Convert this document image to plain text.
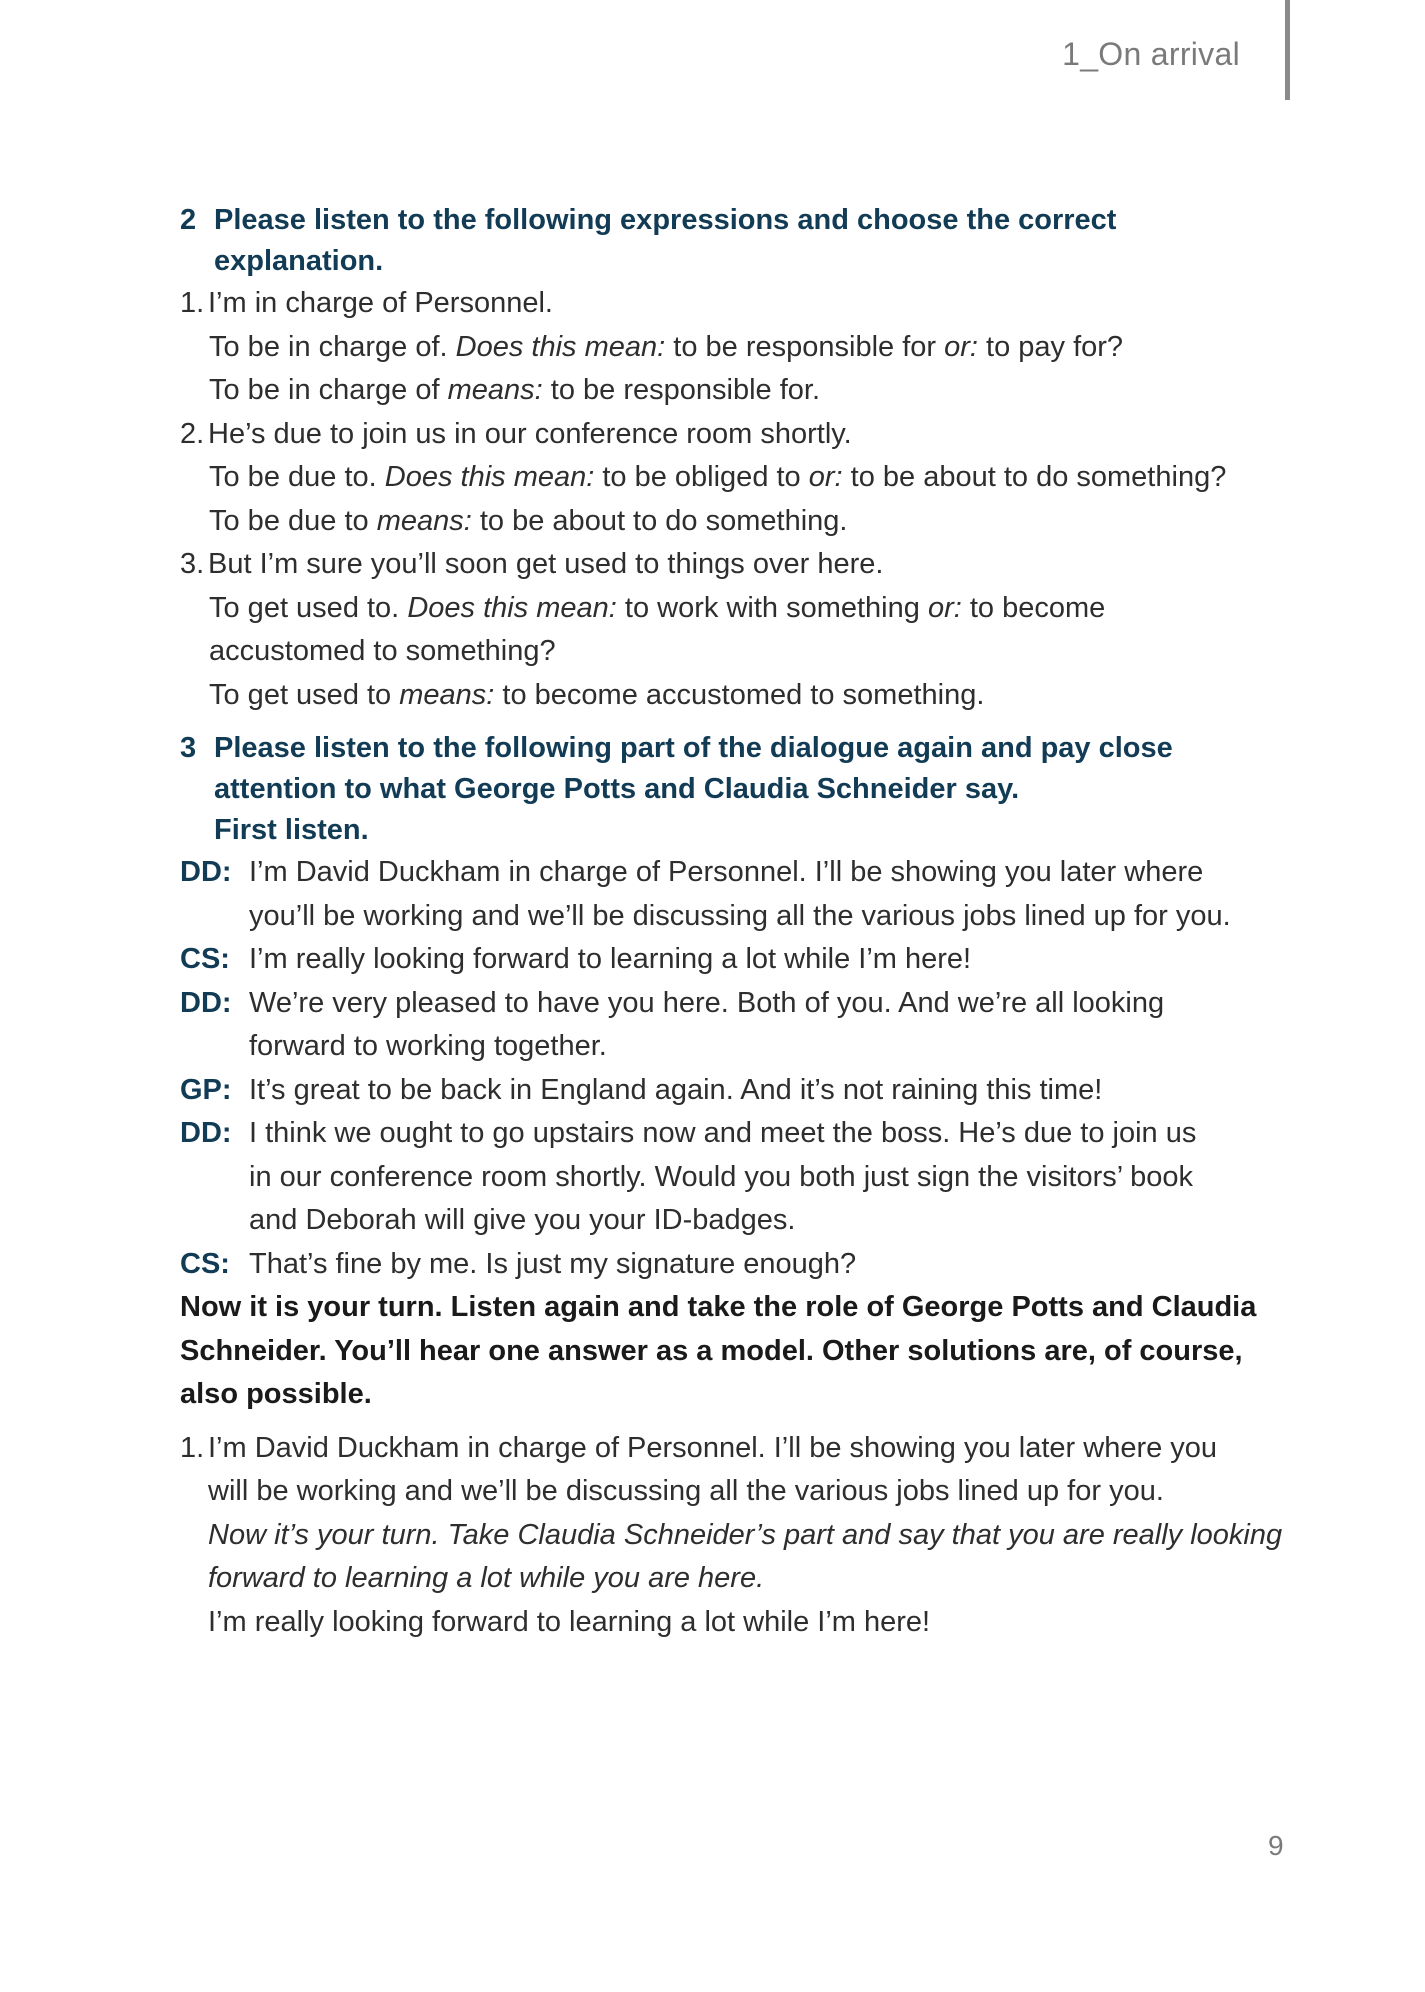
1_On arrival
2 Please listen to the following expressions and choose the correct
explanation.
1. I’m in charge of Personnel.

To be in charge of. Does this mean: to be responsible for or: to pay for?

To be in charge of means: to be responsible for.

2. He’s due to join us in our conference room shortly.

To be due to. Does this mean: to be obliged to or: to be about to do something?

To be due to means: to be about to do something.

3. But I’m sure you’ll soon get used to things over here.

To get used to. Does this mean: to work with something or: to become
accustomed to something?

To get used to means: to become accustomed to something.

3 Please listen to the following part of the dialogue again and pay close
attention to what George Potts and Claudia Schneider say.
First listen.
DD: I’m David Duckham in charge of Personnel. I’ll be showing you later where
you’ll be working and we’ll be discussing all the various jobs lined up for you.
CS: I’m really looking forward to learning a lot while I’m here!
DD: We’re very pleased to have you here. Both of you. And we’re all looking
forward to working together.
GP: It’s great to be back in England again. And it’s not raining this time!
DD: I think we ought to go upstairs now and meet the boss. He’s due to join us
in our conference room shortly. Would you both just sign the visitors’ book
and Deborah will give you your ID-badges.
CS: That’s fine by me. Is just my signature enough?

Now it is your turn. Listen again and take the role of George Potts and Claudia
Schneider. You’ll hear one answer as a model. Other solutions are, of course,
also possible.

1. I’m David Duckham in charge of Personnel. I’ll be showing you later where you
will be working and we’ll be discussing all the various jobs lined up for you.

Now it’s your turn. Take Claudia Schneider’s part and say that you are really looking
forward to learning a lot while you are here.

I’m really looking forward to learning a lot while I’m here!

9
